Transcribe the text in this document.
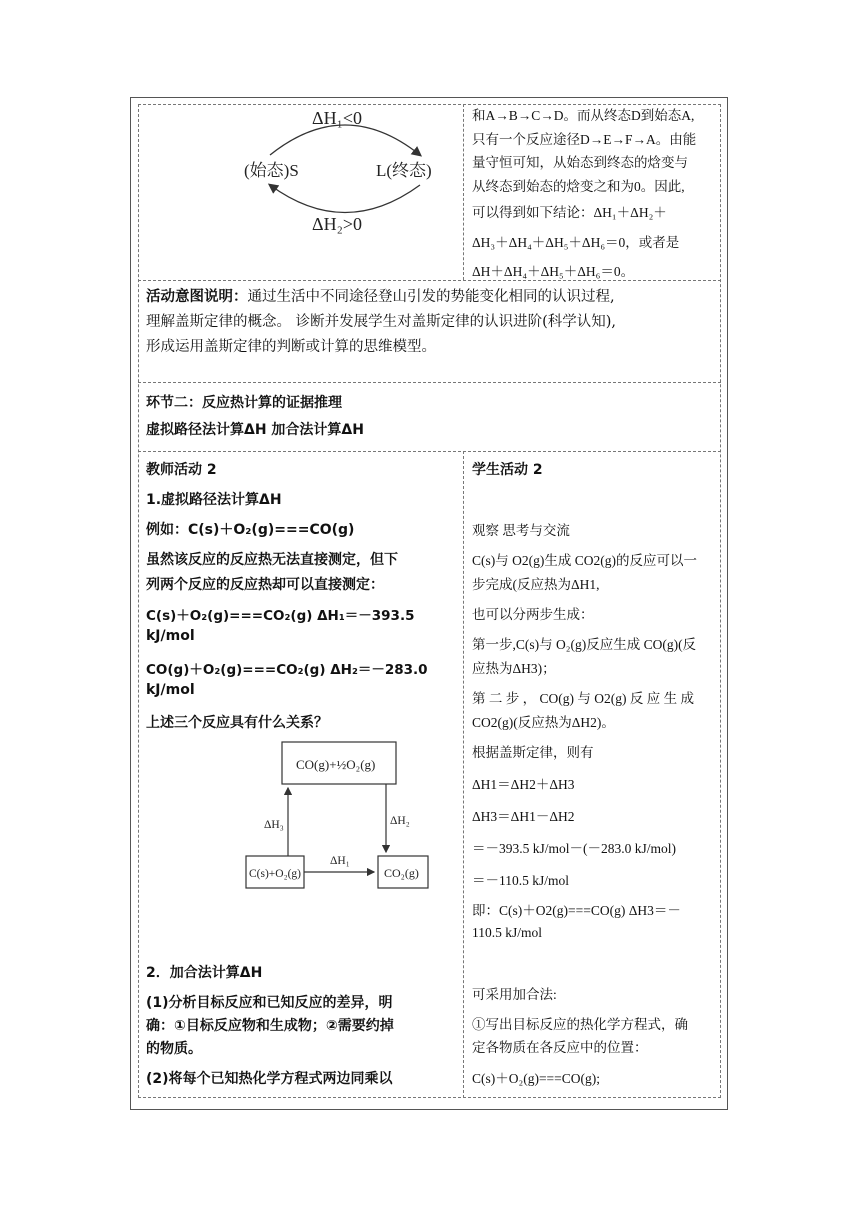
ΔH₁<0
(始态)S	L(终态)
ΔH₂>0
和A→B→C→D。而从终态D到始态A,
只有一个反应途径D→E→F→A。由能
量守恒可知，从始态到终态的焓变与
从终态到始态的焓变之和为0。因此,
可以得到如下结论：ΔH₁＋ΔH₂＋
ΔH₃＋ΔH₄＋ΔH₅＋ΔH₆＝0，或者是
ΔH＋ΔH₄＋ΔH₅＋ΔH₆＝0。
活动意图说明：通过生活中不同途径登山引发的势能变化相同的认识过程,
理解盖斯定律的概念。 诊断并发展学生对盖斯定律的认识进阶(科学认知),
形成运用盖斯定律的判断或计算的思维模型。
环节二：反应热计算的证据推理
虚拟路径法计算ΔH 加合法计算ΔH
教师活动 2
1.虚拟路径法计算ΔH
例如：C(s)＋O₂(g)===CO(g)
虽然该反应的反应热无法直接测定，但下
列两个反应的反应热却可以直接测定：
C(s)＋O₂(g)===CO₂(g) ΔH₁＝－393.5
kJ/mol
CO(g)＋O₂(g)===CO₂(g) ΔH₂＝－283.0
kJ/mol
上述三个反应具有什么关系？
CO(g)+½O₂(g)
C(s)+O₂(g)	CO₂(g)
ΔH₃	ΔH₂
ΔH₁
2．加合法计算ΔH
(1)分析目标反应和已知反应的差异，明
确：①目标反应物和生成物；②需要约掉
的物质。
(2)将每个已知热化学方程式两边同乘以
学生活动 2
观察 思考与交流
C(s)与 O2(g)生成 CO2(g)的反应可以一
步完成(反应热为ΔH1,
也可以分两步生成：
第一步,C(s)与 O₂(g)反应生成 CO(g)(反
应热为ΔH3)；
第 二 步 ， CO(g) 与 O2(g) 反 应 生 成
CO2(g)(反应热为ΔH2)。
根据盖斯定律，则有
ΔH1＝ΔH2＋ΔH3
ΔH3＝ΔH1－ΔH2
＝－393.5 kJ/mol－(－283.0 kJ/mol)
＝－110.5 kJ/mol
即：C(s)＋O2(g)===CO(g) ΔH3＝－
110.5 kJ/mol
可采用加合法:
①写出目标反应的热化学方程式，确
定各物质在各反应中的位置：
C(s)＋O₂(g)===CO(g);
